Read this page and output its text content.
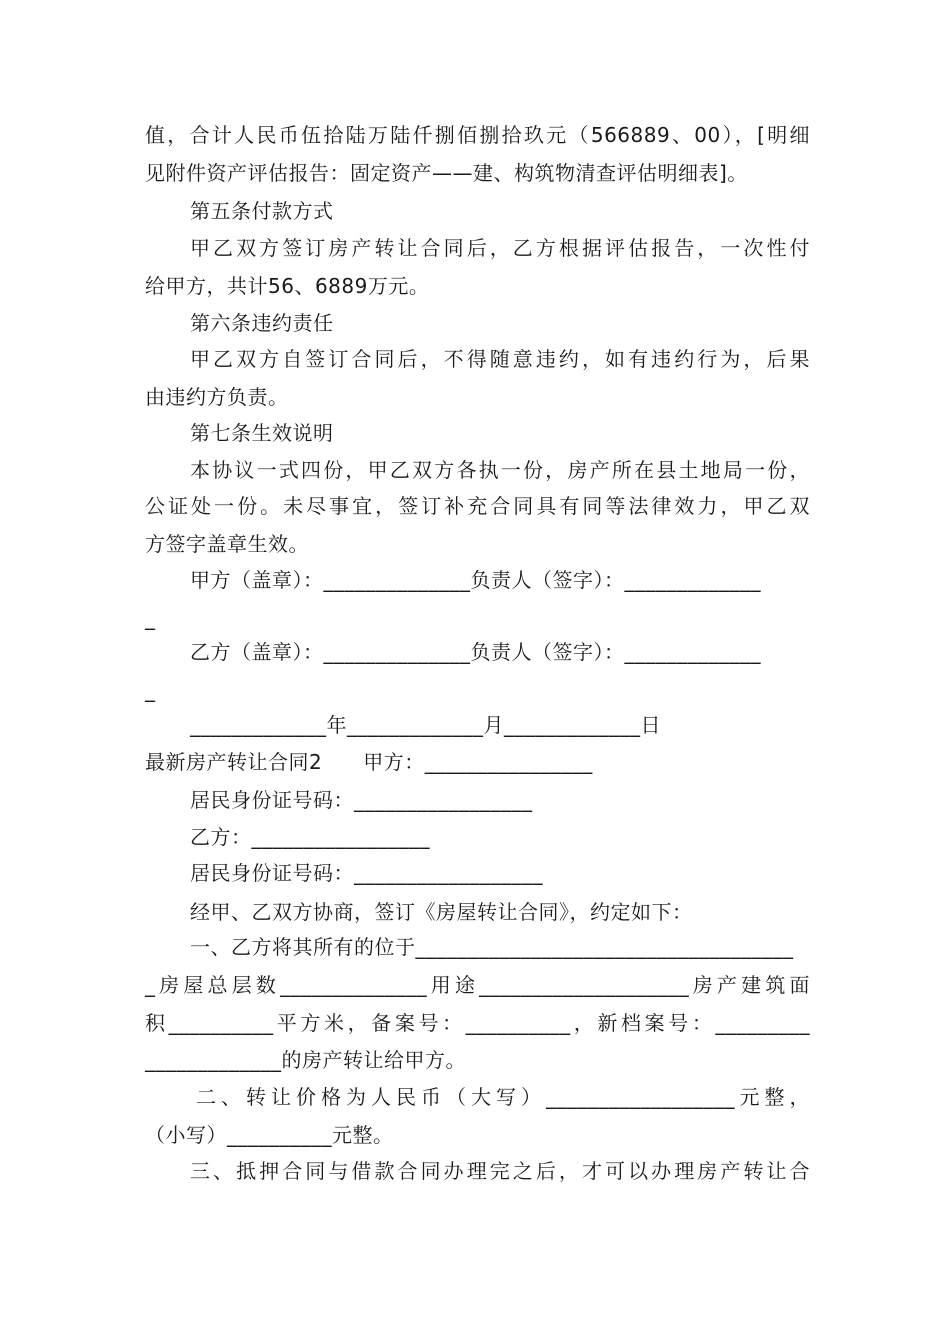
值，合计人民币伍拾陆万陆仟捌佰捌拾玖元（566889、00），[明细
见附件资产评估报告：固定资产——建、构筑物清查评估明细表]。
第五条付款方式
甲乙双方签订房产转让合同后，乙方根据评估报告，一次性付
给甲方，共计56、6889万元。
第六条违约责任
甲乙双方自签订合同后，不得随意违约，如有违约行为，后果
由违约方负责。
第七条生效说明
本协议一式四份，甲乙双方各执一份，房产所在县土地局一份，
公证处一份。未尽事宜，签订补充合同具有同等法律效力，甲乙双
方签字盖章生效。
甲方（盖章）：______________负责人（签字）：_____________
_
乙方（盖章）：______________负责人（签字）：_____________
_
_____________年_____________月_____________日
最新房产转让合同2　　甲方：________________
居民身份证号码：_________________
乙方：_________________
居民身份证号码：__________________
经甲、乙双方协商，签订《房屋转让合同》，约定如下：
一、乙方将其所有的位于____________________________________
_房屋总层数______________用途____________________房产建筑面
积__________平方米，备案号：__________，新档案号：_________
_____________的房产转让给甲方。
二、转让价格为人民币（大写）__________________元整，
（小写）__________元整。
三、抵押合同与借款合同办理完之后，才可以办理房产转让合
